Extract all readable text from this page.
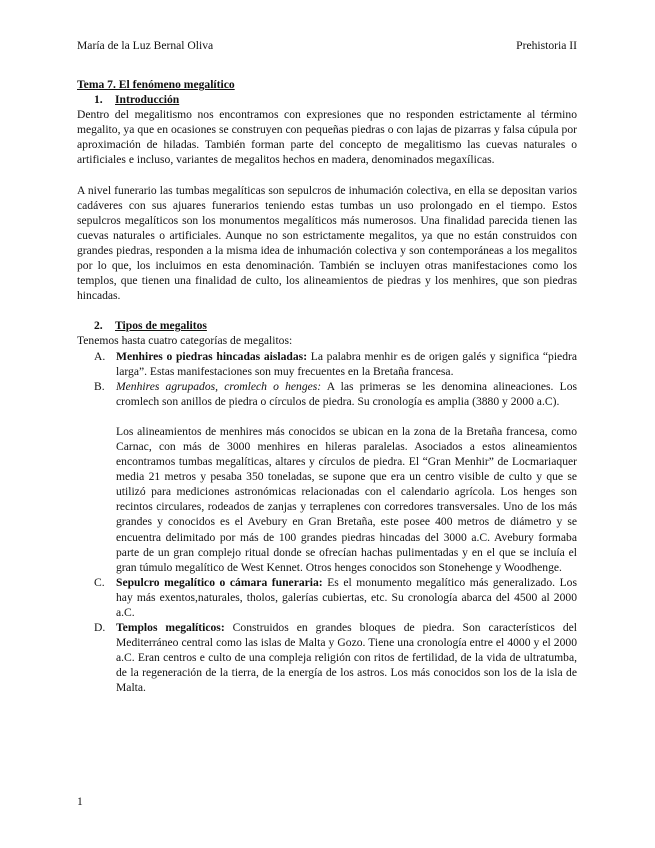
María de la Luz Bernal Oliva	Prehistoria II
Tema 7. El fenómeno megalítico
1. Introducción

Dentro del megalitismo nos encontramos con expresiones que no responden estrictamente al término megalito, ya que en ocasiones se construyen con pequeñas piedras o con lajas de pizarras y falsa cúpula por aproximación de hiladas. También forman parte del concepto de megalitismo las cuevas naturales o artificiales e incluso, variantes de megalitos hechos en madera, denominados megaxílicas.

A nivel funerario las tumbas megalíticas son sepulcros de inhumación colectiva, en ella se depositan varios cadáveres con sus ajuares funerarios teniendo estas tumbas un uso prolongado en el tiempo. Estos sepulcros megalíticos son los monumentos megalíticos más numerosos. Una finalidad parecida tienen las cuevas naturales o artificiales. Aunque no son estrictamente megalitos, ya que no están construidos con grandes piedras, responden a la misma idea de inhumación colectiva y son contemporáneas a los megalitos por lo que, los incluimos en esta denominación. También se incluyen otras manifestaciones como los templos, que tienen una finalidad de culto, los alineamientos de piedras y los menhires, que son piedras hincadas.

2. Tipos de megalitos
Tenemos hasta cuatro categorías de megalitos:
A. Menhires o piedras hincadas aisladas: La palabra menhir es de origen galés y significa “piedra larga”. Estas manifestaciones son muy frecuentes en la Bretaña francesa.
B. Menhires agrupados, cromlech o henges: A las primeras se les denomina alineaciones. Los cromlech son anillos de piedra o círculos de piedra. Su cronología es amplia (3880 y 2000 a.C).
Los alineamientos de menhires más conocidos se ubican en la zona de la Bretaña francesa, como Carnac, con más de 3000 menhires en hileras paralelas. Asociados a estos alineamientos encontramos tumbas megalíticas, altares y círculos de piedra. El “Gran Menhir” de Locmariaquer media 21 metros y pesaba 350 toneladas, se supone que era un centro visible de culto y que se utilizó para mediciones astronómicas relacionadas con el calendario agrícola. Los henges son recintos circulares, rodeados de zanjas y terraplenes con corredores transversales. Uno de los más grandes y conocidos es el Avebury en Gran Bretaña, este posee 400 metros de diámetro y se encuentra delimitado por más de 100 grandes piedras hincadas del 3000 a.C. Avebury formaba parte de un gran complejo ritual donde se ofrecían hachas pulimentadas y en el que se incluía el gran túmulo megalítico de West Kennet. Otros henges conocidos son Stonehenge y Woodhenge.
C. Sepulcro megalítico o cámara funeraria: Es el monumento megalítico más generalizado. Los hay más exentos,naturales, tholos, galerías cubiertas, etc. Su cronología abarca del 4500 al 2000 a.C.
D. Templos megalíticos: Construidos en grandes bloques de piedra. Son característicos del Mediterráneo central como las islas de Malta y Gozo. Tiene una cronología entre el 4000 y el 2000 a.C. Eran centros e culto de una compleja religión con ritos de fertilidad, de la vida de ultratumba, de la regeneración de la tierra, de la energía de los astros. Los más conocidos son los de la isla de Malta.
1
